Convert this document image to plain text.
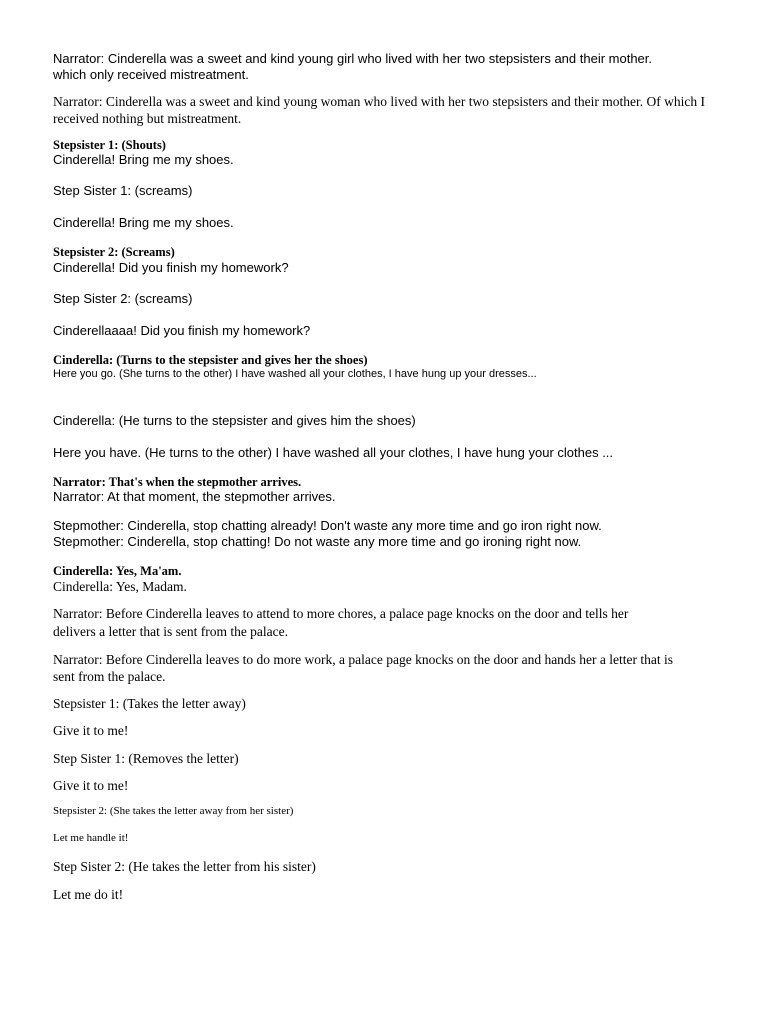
Narrator: Cinderella was a sweet and kind young girl who lived with her two stepsisters and their mother.

which only received mistreatment.

Narrator: Cinderella was a sweet and kind young woman who lived with her two stepsisters and their mother. Of which I

received nothing but mistreatment.

Stepsister 1: (Shouts)

Cinderella! Bring me my shoes.

Step Sister 1: (screams)

Cinderella! Bring me my shoes.

Stepsister 2: (Screams)

Cinderella! Did you finish my homework?

Step Sister 2: (screams)

Cinderellaaaa! Did you finish my homework?

Cinderella: (Turns to the stepsister and gives her the shoes)

Here you go. (She turns to the other) I have washed all your clothes, I have hung up your dresses...

Cinderella: (He turns to the stepsister and gives him the shoes)

Here you have. (He turns to the other) I have washed all your clothes, I have hung your clothes ...

Narrator: That's when the stepmother arrives.

Narrator: At that moment, the stepmother arrives.

Stepmother: Cinderella, stop chatting already! Don't waste any more time and go iron right now.

Stepmother: Cinderella, stop chatting! Do not waste any more time and go ironing right now.

Cinderella: Yes, Ma'am.

Cinderella: Yes, Madam.

Narrator: Before Cinderella leaves to attend to more chores, a palace page knocks on the door and tells her

delivers a letter that is sent from the palace.

Narrator: Before Cinderella leaves to do more work, a palace page knocks on the door and hands her a letter that is

sent from the palace.

Stepsister 1: (Takes the letter away)

Give it to me!

Step Sister 1: (Removes the letter)

Give it to me!

Stepsister 2: (She takes the letter away from her sister)

Let me handle it!

Step Sister 2: (He takes the letter from his sister)

Let me do it!
